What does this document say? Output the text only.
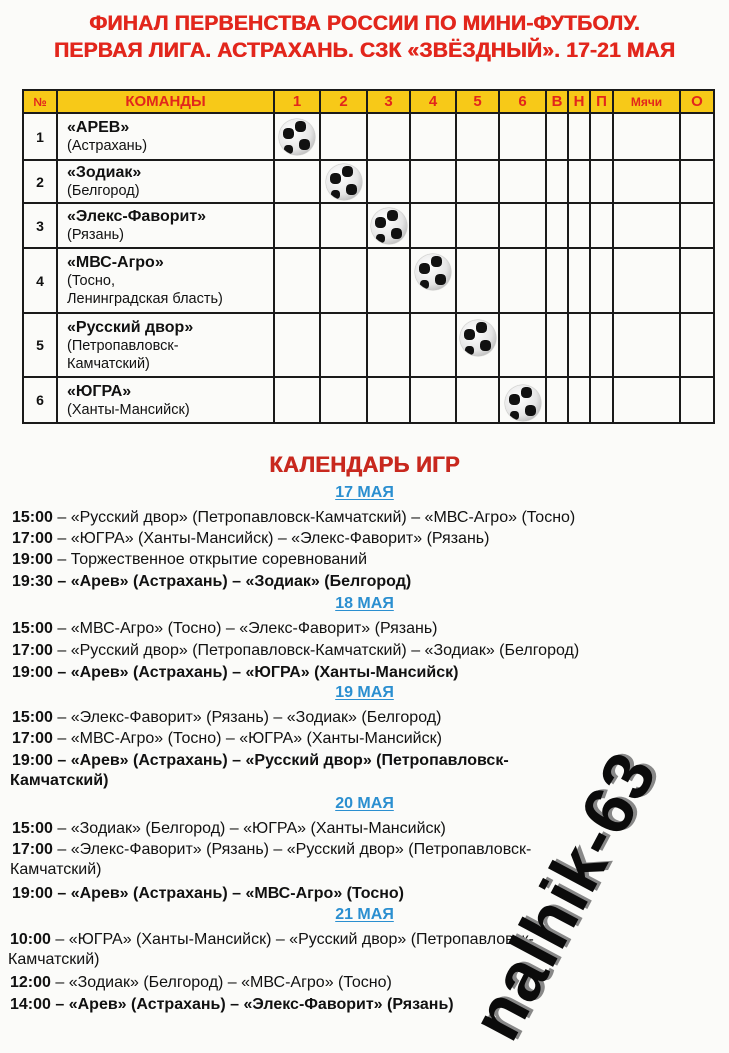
ФИНАЛ ПЕРВЕНСТВА РОССИИ ПО МИНИ-ФУТБОЛУ.
ПЕРВАЯ ЛИГА. АСТРАХАНЬ. СЗК «ЗВЁЗДНЫЙ». 17-21 МАЯ
№	КОМАНДЫ	1	2	3	4	5	6	В	Н	П	Мячи	О
1	«АРЕВ»
(Астрахань)											

2	«Зодиак»
(Белгород)											

3	«Элекс-Фаворит»
(Рязань)											

4	«МВС-Агро»
(Тосно,
Ленинградская бласть)											

5	«Русский двор»
(Петропавловск-
Камчатский)											

6	«ЮГРА»
(Ханты-Мансийск)											

КАЛЕНДАРЬ ИГР
17 МАЯ
15:00 – «Русский двор» (Петропавловск-Камчатский) – «МВС-Агро» (Тосно)
17:00 – «ЮГРА» (Ханты-Мансийск) – «Элекс-Фаворит» (Рязань)
19:00 – Торжественное открытие соревнований
19:30 – «Арев» (Астрахань) – «Зодиак» (Белгород)
18 МАЯ
15:00 – «МВС-Агро» (Тосно) – «Элекс-Фаворит» (Рязань)
17:00 – «Русский двор» (Петропавловск-Камчатский) – «Зодиак» (Белгород)
19:00 – «Арев» (Астрахань) – «ЮГРА» (Ханты-Мансийск)
19 МАЯ
15:00 – «Элекс-Фаворит» (Рязань) – «Зодиак» (Белгород)
17:00 – «МВС-Агро» (Тосно) – «ЮГРА» (Ханты-Мансийск)
19:00 – «Арев» (Астрахань) – «Русский двор» (Петропавловск-
Камчатский)
20 МАЯ
15:00 – «Зодиак» (Белгород) – «ЮГРА» (Ханты-Мансийск)
17:00 – «Элекс-Фаворит» (Рязань) – «Русский двор» (Петропавловск-
Камчатский)
19:00 – «Арев» (Астрахань) – «МВС-Агро» (Тосно)
21 МАЯ
10:00 – «ЮГРА» (Ханты-Мансийск) – «Русский двор» (Петропавловск-
Камчатский)
12:00 – «Зодиак» (Белгород) – «МВС-Агро» (Тосно)
14:00 – «Арев» (Астрахань) – «Элекс-Фаворит» (Рязань) nalhik-63
